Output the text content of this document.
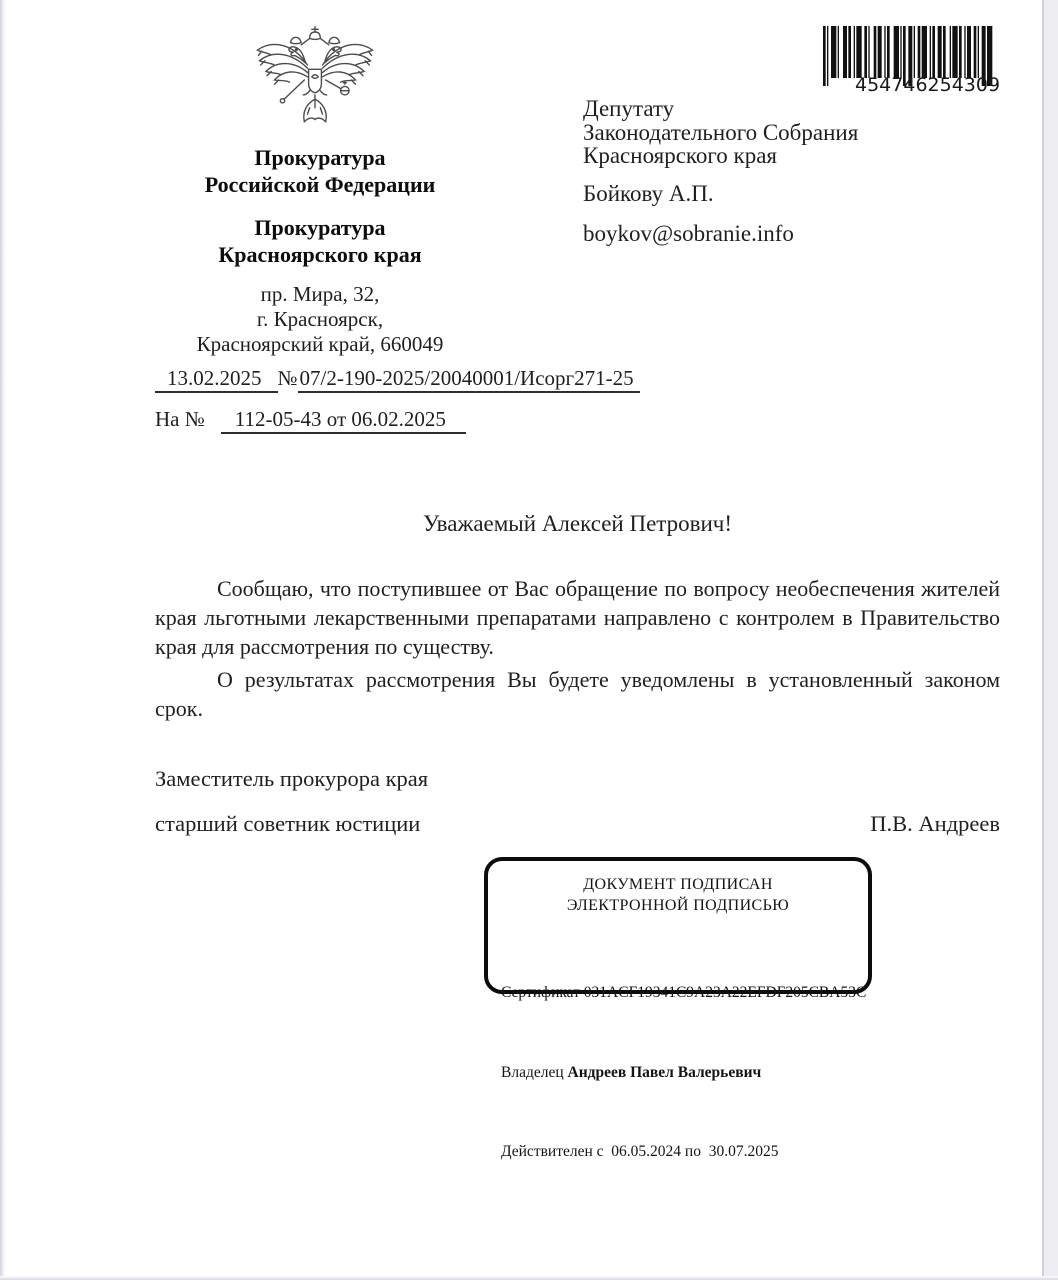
Прокуратура
Российской Федерации
Прокуратура
Красноярского края
пр. Мира, 32,
г. Красноярск,
Красноярский край, 660049
454746 254309
Депутату
Законодательного Собрания
Красноярского края
Бойкову А.П.
boykov@sobranie.info
13.02.2025 №07/2-190-2025/20040001/Исорг271-25
На № 112-05-43 от 06.02.2025
Уважаемый Алексей Петрович!

Сообщаю, что поступившее от Вас обращение по вопросу необеспечения жителей края льготными лекарственными препаратами направлено с контролем в Правительство края для рассмотрения по существу.

О результатах рассмотрения Вы будете уведомлены в установленный законом срок.

Заместитель прокурора края
старший советник юстиции	П.В. Андреев
ДОКУМЕНТ ПОДПИСАН
ЭЛЕКТРОННОЙ ПОДПИСЬЮ

Сертификат 031ACF19341C9A23A22EFDF205CBA53C

Владелец Андреев Павел Валерьевич

Действителен с  06.05.2024 по  30.07.2025
